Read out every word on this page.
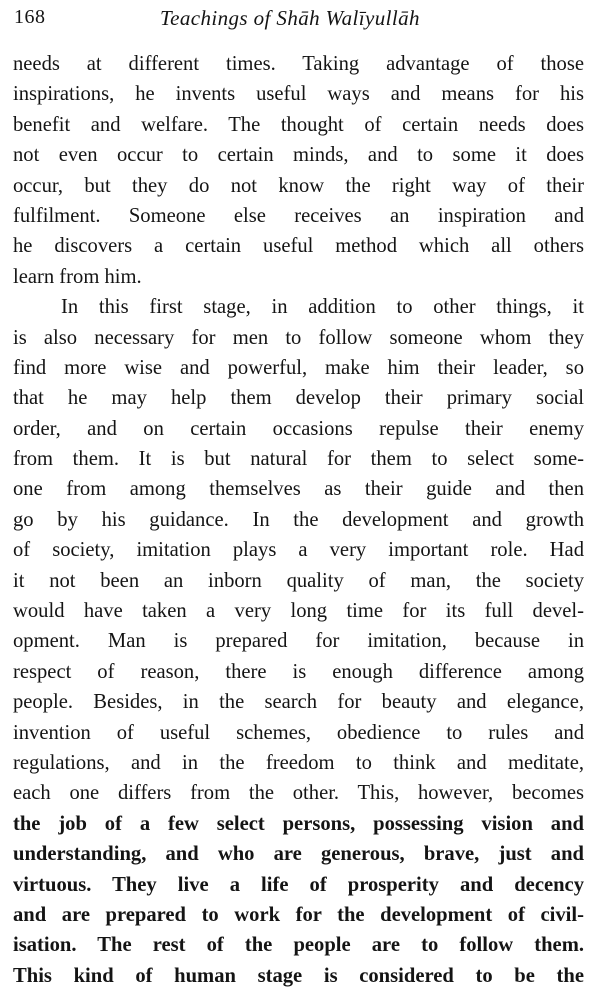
168	Teachings of Shāh Walīyullāh
needs at different times. Taking advantage of those
inspirations, he invents useful ways and means for his
benefit and welfare. The thought of certain needs does
not even occur to certain minds, and to some it does
occur, but they do not know the right way of their
fulfilment. Someone else receives an inspiration and
he discovers a certain useful method which all others
learn from him.
In this first stage, in addition to other things, it
is also necessary for men to follow someone whom they
find more wise and powerful, make him their leader, so
that he may help them develop their primary social
order, and on certain occasions repulse their enemy
from them. It is but natural for them to select some-
one from among themselves as their guide and then
go by his guidance. In the development and growth
of society, imitation plays a very important role. Had
it not been an inborn quality of man, the society
would have taken a very long time for its full devel-
opment. Man is prepared for imitation, because in
respect of reason, there is enough difference among
people. Besides, in the search for beauty and elegance,
invention of useful schemes, obedience to rules and
regulations, and in the freedom to think and meditate,
each one differs from the other. This, however, becomes
the job of a few select persons, possessing vision and
understanding, and who are generous, brave, just and
virtuous. They live a life of prosperity and decency
and are prepared to work for the development of civil-
isation. The rest of the people are to follow them.
This kind of human stage is considered to be the
